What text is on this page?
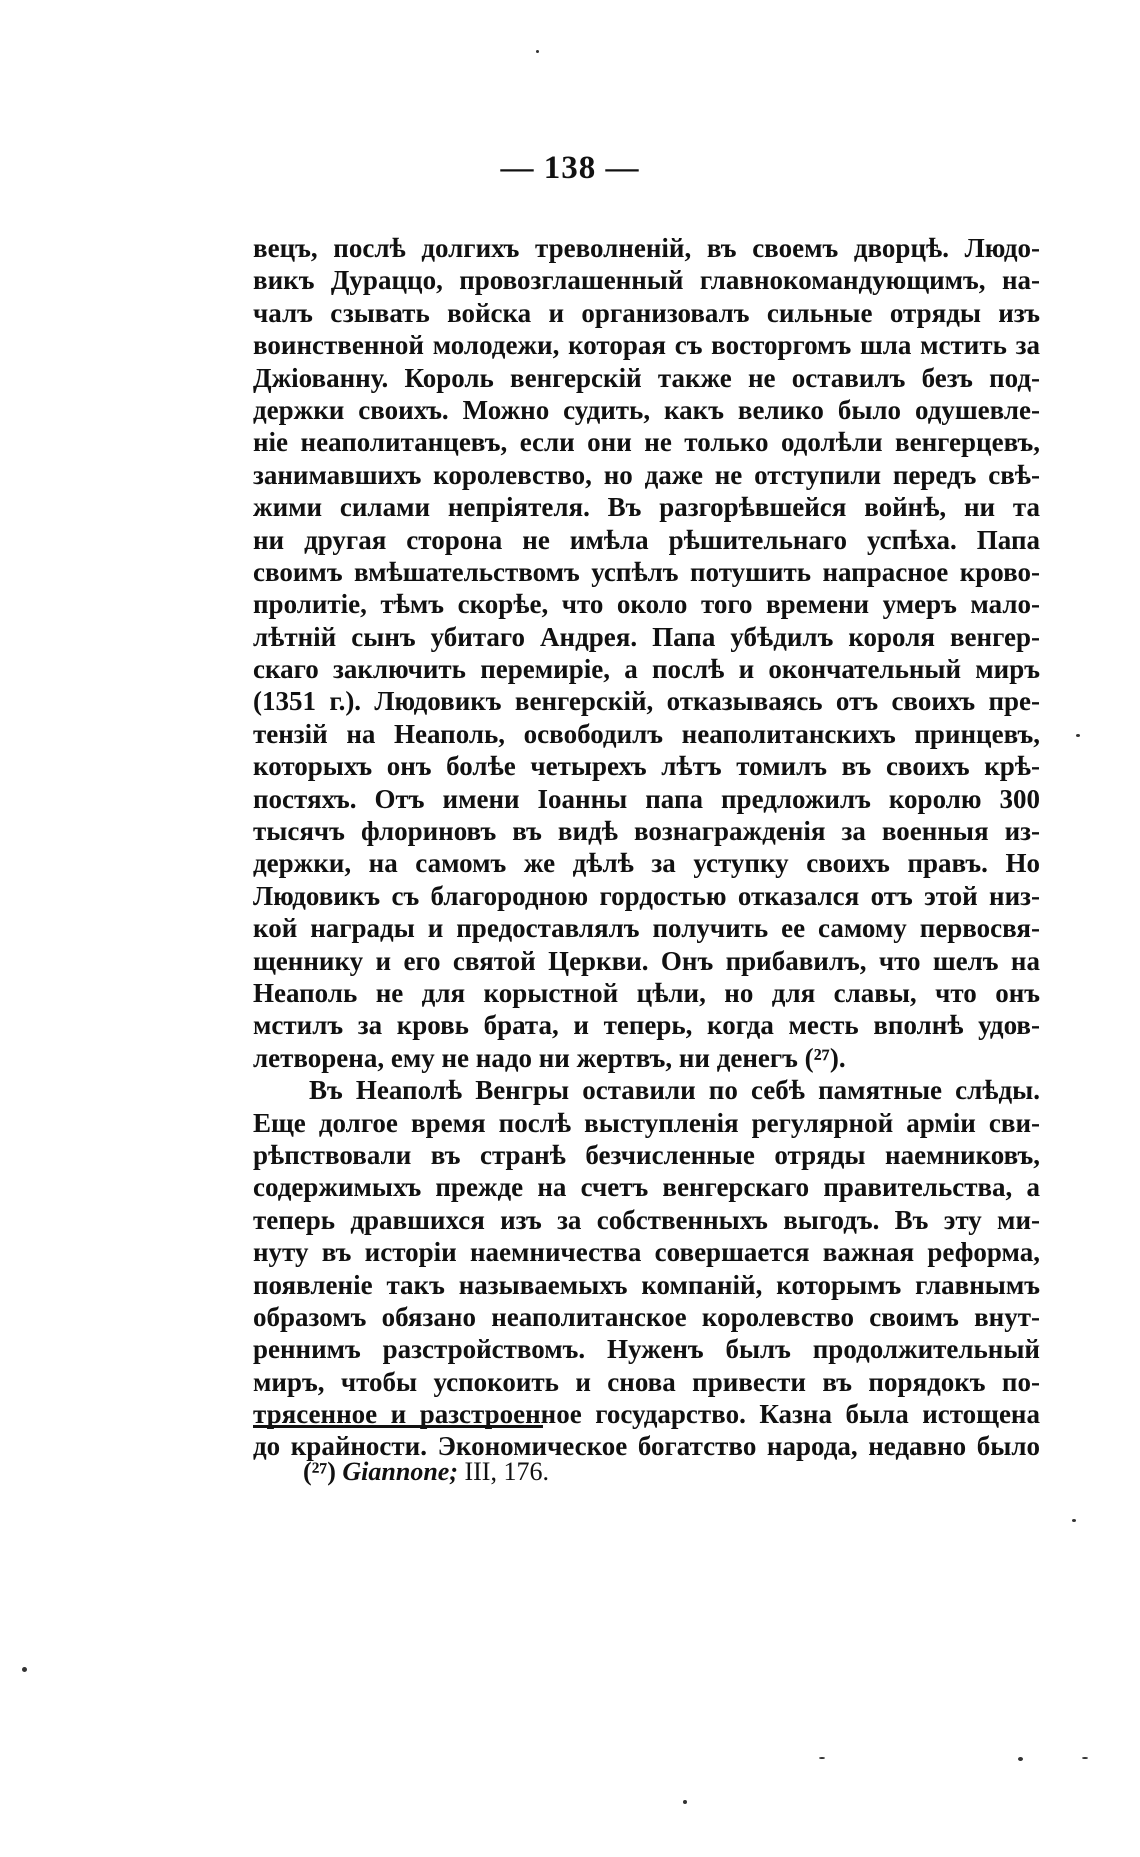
— 138 —
вецъ, послѣ долгихъ треволненій, въ своемъ дворцѣ. Людо-
викъ Дураццо, провозглашенный главнокомандующимъ, на-
чалъ сзывать войска и организовалъ сильные отряды изъ
воинственной молодежи, которая съ восторгомъ шла мстить за
Джіованну. Король венгерскій также не оставилъ безъ под-
держки своихъ. Можно судить, какъ велико было одушевле-
ніе неаполитанцевъ, если они не только одолѣли венгерцевъ,
занимавшихъ королевство, но даже не отступили передъ свѣ-
жими силами непріятеля. Въ разгорѣвшейся войнѣ, ни та
ни другая сторона не имѣла рѣшительнаго успѣха. Папа
своимъ вмѣшательствомъ успѣлъ потушить напрасное крово-
пролитіе, тѣмъ скорѣе, что около того времени умеръ мало-
лѣтній сынъ убитаго Андрея. Папа убѣдилъ короля венгер-
скаго заключить перемиріе, а послѣ и окончательный миръ
(1351 г.). Людовикъ венгерскій, отказываясь отъ своихъ пре-
тензій на Неаполь, освободилъ неаполитанскихъ принцевъ,
которыхъ онъ болѣе четырехъ лѣтъ томилъ въ своихъ крѣ-
постяхъ. Отъ имени Іоанны папа предложилъ королю 300
тысячъ флориновъ въ видѣ вознагражденія за военныя из-
держки, на самомъ же дѣлѣ за уступку своихъ правъ. Но
Людовикъ съ благородною гордостью отказался отъ этой низ-
кой награды и предоставлялъ получить ее самому первосвя-
щеннику и его святой Церкви. Онъ прибавилъ, что шелъ на
Неаполь не для корыстной цѣли, но для славы, что онъ
мстилъ за кровь брата, и теперь, когда месть вполнѣ удов-
летворена, ему не надо ни жертвъ, ни денегъ (²⁷).
Въ Неаполѣ Венгры оставили по себѣ памятные слѣды.
Еще долгое время послѣ выступленія регулярной арміи сви-
рѣпствовали въ странѣ безчисленные отряды наемниковъ,
содержимыхъ прежде на счетъ венгерскаго правительства, а
теперь дравшихся изъ за собственныхъ выгодъ. Въ эту ми-
нуту въ исторіи наемничества совершается важная реформа,
появленіе такъ называемыхъ компаній, которымъ главнымъ
образомъ обязано неаполитанское королевство своимъ внут-
реннимъ разстройствомъ. Нуженъ былъ продолжительный
миръ, чтобы успокоить и снова привести въ порядокъ по-
трясенное и разстроенное государство. Казна была истощена
до крайности. Экономическое богатство народа, недавно было
(²⁷) Giannone; III, 176.
